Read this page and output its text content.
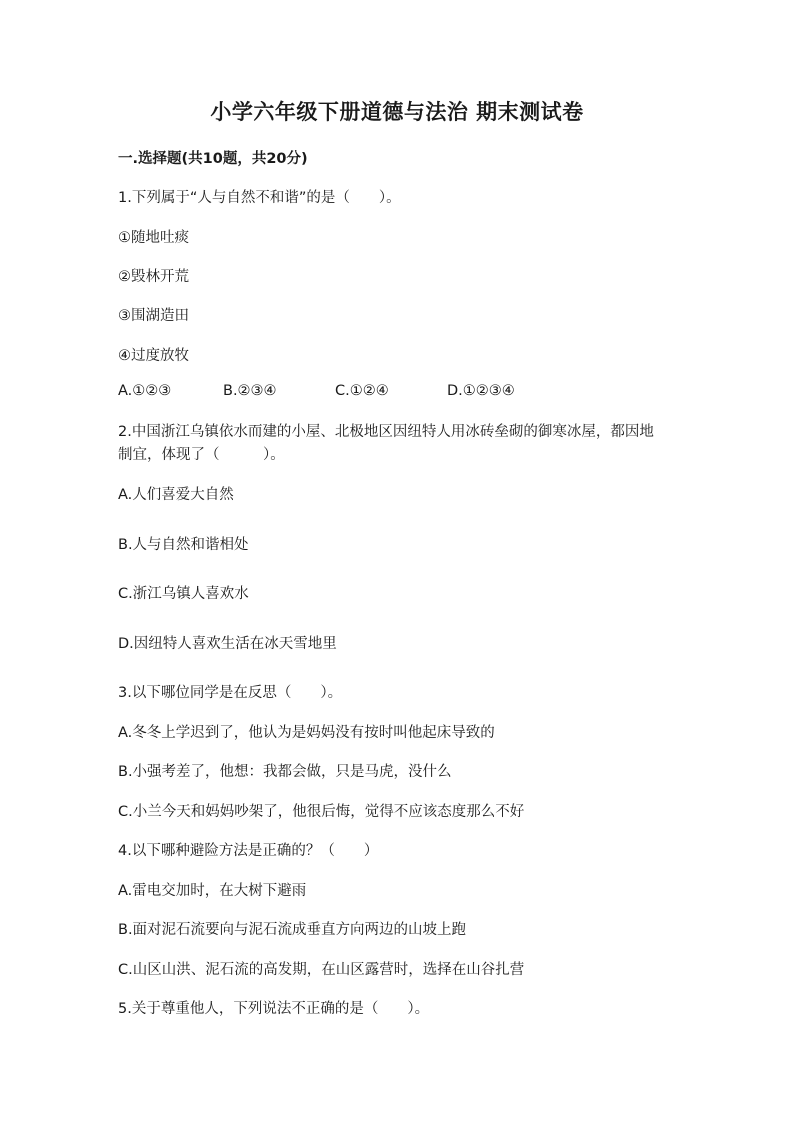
小学六年级下册道德与法治 期末测试卷
一.选择题(共10题，共20分)
1.下列属于“人与自然不和谐”的是（　　）。
①随地吐痰
②毁林开荒
③围湖造田
④过度放牧
A.①②③	B.②③④	C.①②④	D.①②③④
2.中国浙江乌镇依水而建的小屋、北极地区因纽特人用冰砖垒砌的御寒冰屋，都因地制宜，体现了（　　　）。
A.人们喜爱大自然
B.人与自然和谐相处
C.浙江乌镇人喜欢水
D.因纽特人喜欢生活在冰天雪地里
3.以下哪位同学是在反思（　　）。
A.冬冬上学迟到了，他认为是妈妈没有按时叫他起床导致的
B.小强考差了，他想：我都会做，只是马虎，没什么
C.小兰今天和妈妈吵架了，他很后悔，觉得不应该态度那么不好
4.以下哪种避险方法是正确的？（　　）
A.雷电交加时，在大树下避雨
B.面对泥石流要向与泥石流成垂直方向两边的山坡上跑
C.山区山洪、泥石流的高发期，在山区露营时，选择在山谷扎营
5.关于尊重他人，下列说法不正确的是（　　）。
